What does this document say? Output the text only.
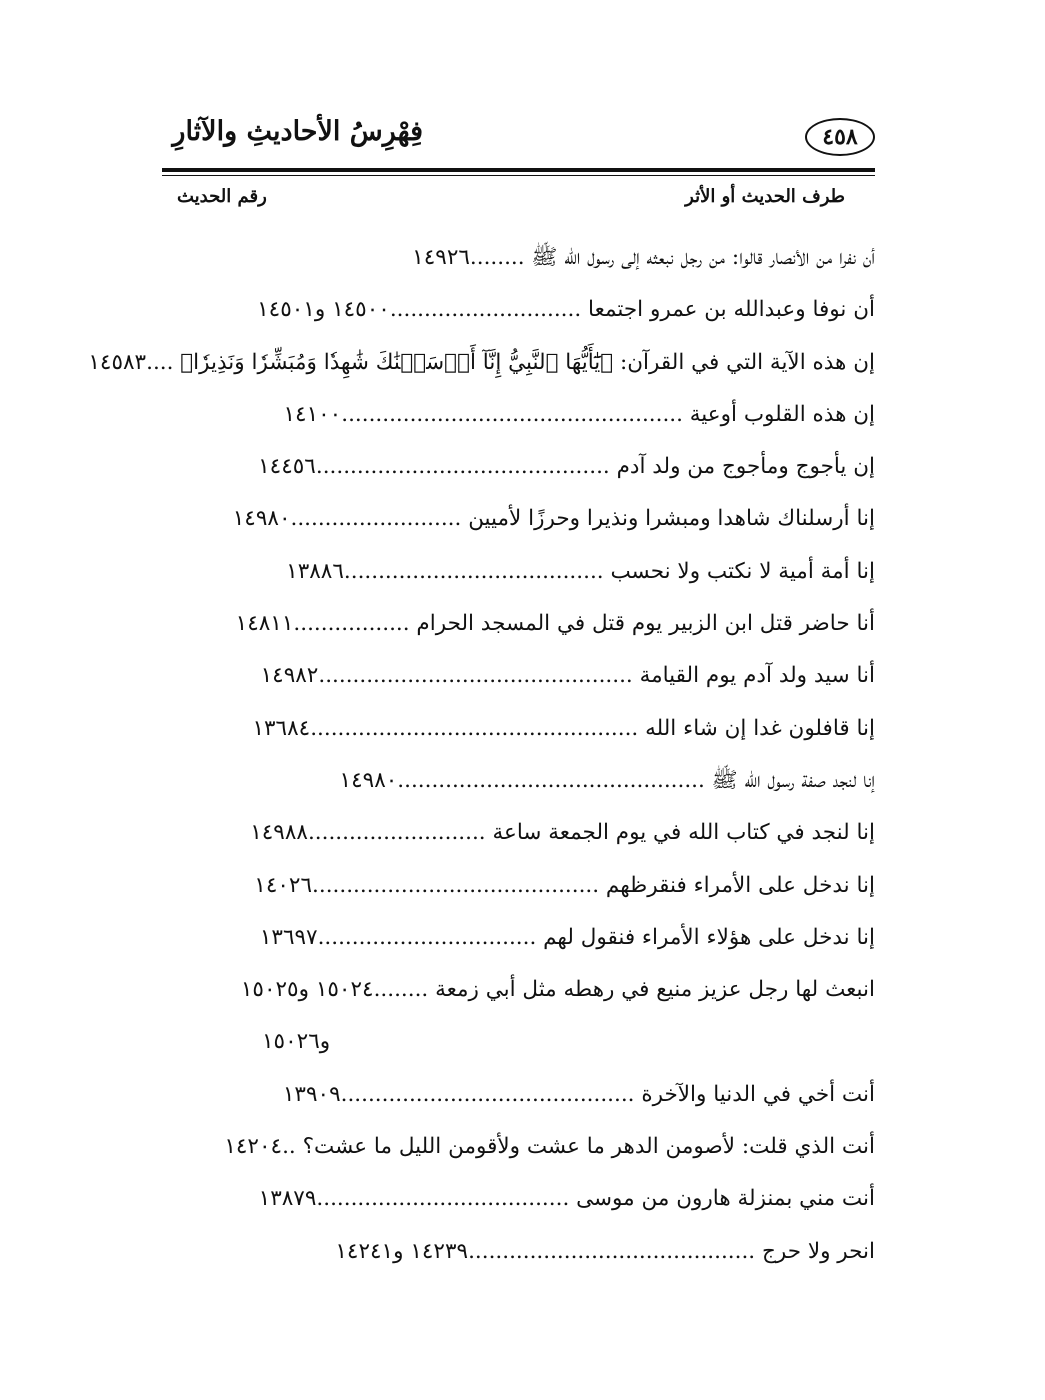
٤٥٨
فِهْرِسُ الأحاديثِ والآثارِ
طرف الحديث أو الأثر
رقم الحديث
أن نفرا من الأنصار قالوا: من رجل نبعثه إلى رسول الله ﷺ ........١٤٩٢٦
أن نوفا وعبدالله بن عمرو اجتمعا ............................١٤٥٠٠ و١٤٥٠١
إن هذه الآية التي في القرآن: ﴿يَٰٓأَيُّهَا ٱلنَّبِيُّ إِنَّآ أَرۡسَلۡنَٰكَ شَٰهِدٗا وَمُبَشِّرٗا وَنَذِيرٗا﴾ ....١٤٥٨٣
إن هذه القلوب أوعية ..................................................١٤١٠٠
إن يأجوج ومأجوج من ولد آدم ...........................................١٤٤٥٦
إنا أرسلناك شاهدا ومبشرا ونذيرا وحرزًا لأميين .........................١٤٩٨٠
إنا أمة أمية لا نكتب ولا نحسب ......................................١٣٨٨٦
أنا حاضر قتل ابن الزبير يوم قتل في المسجد الحرام .................١٤٨١١
أنا سيد ولد آدم يوم القيامة ..............................................١٤٩٨٢
إنا قافلون غدا إن شاء الله ................................................١٣٦٨٤
إنا لنجد صفة رسول الله ﷺ .............................................١٤٩٨٠
إنا لنجد في كتاب الله في يوم الجمعة ساعة ..........................١٤٩٨٨
إنا ندخل على الأمراء فنقرظهم ..........................................١٤٠٢٦
إنا ندخل على هؤلاء الأمراء فنقول لهم ................................١٣٦٩٧
انبعث لها رجل عزيز منيع في رهطه مثل أبي زمعة ........١٥٠٢٤ و١٥٠٢٥
و١٥٠٢٦
أنت أخي في الدنيا والآخرة ...........................................١٣٩٠٩
أنت الذي قلت: لأصومن الدهر ما عشت ولأقومن الليل ما عشت؟ ..١٤٢٠٤
أنت مني بمنزلة هارون من موسى .....................................١٣٨٧٩
انحر ولا حرج ..........................................١٤٢٣٩ و١٤٢٤١
